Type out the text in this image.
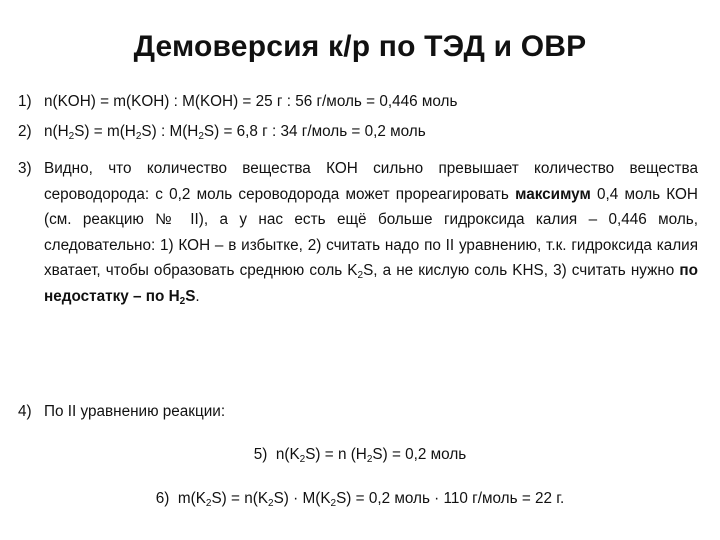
Демоверсия к/р по ТЭД и ОВР
1) n(KOH) = m(KOH) : M(KOH) = 25 г : 56 г/моль = 0,446 моль
2) $n(H_2S) = m(H_2S)$ : $M(H_2S) = 6,8$ г : 34 г/моль = 0,2 моль
3) Видно, что количество вещества КОН сильно превышает количество вещества сероводорода: с 0,2 моль сероводорода может прореагировать максимум 0,4 моль КОН (см. реакцию № II), а у нас есть ещё больше гидроксида калия – 0,446 моль, следовательно: 1) КОН – в избытке, 2) считать надо по II уравнению, т.к. гидроксида калия хватает, чтобы образовать среднюю соль $K_2S$, а не кислую соль KHS, 3) считать нужно по недостатку – по $H_2S$.
4) По II уравнению реакции:
5) $n(K_2S) = n$ $(H_2S) = 0,2$ моль
6) $m(K_2S) = n(K_2S) \cdot M(K_2S) = 0,2$ моль · 110 г/моль = 22 г.
